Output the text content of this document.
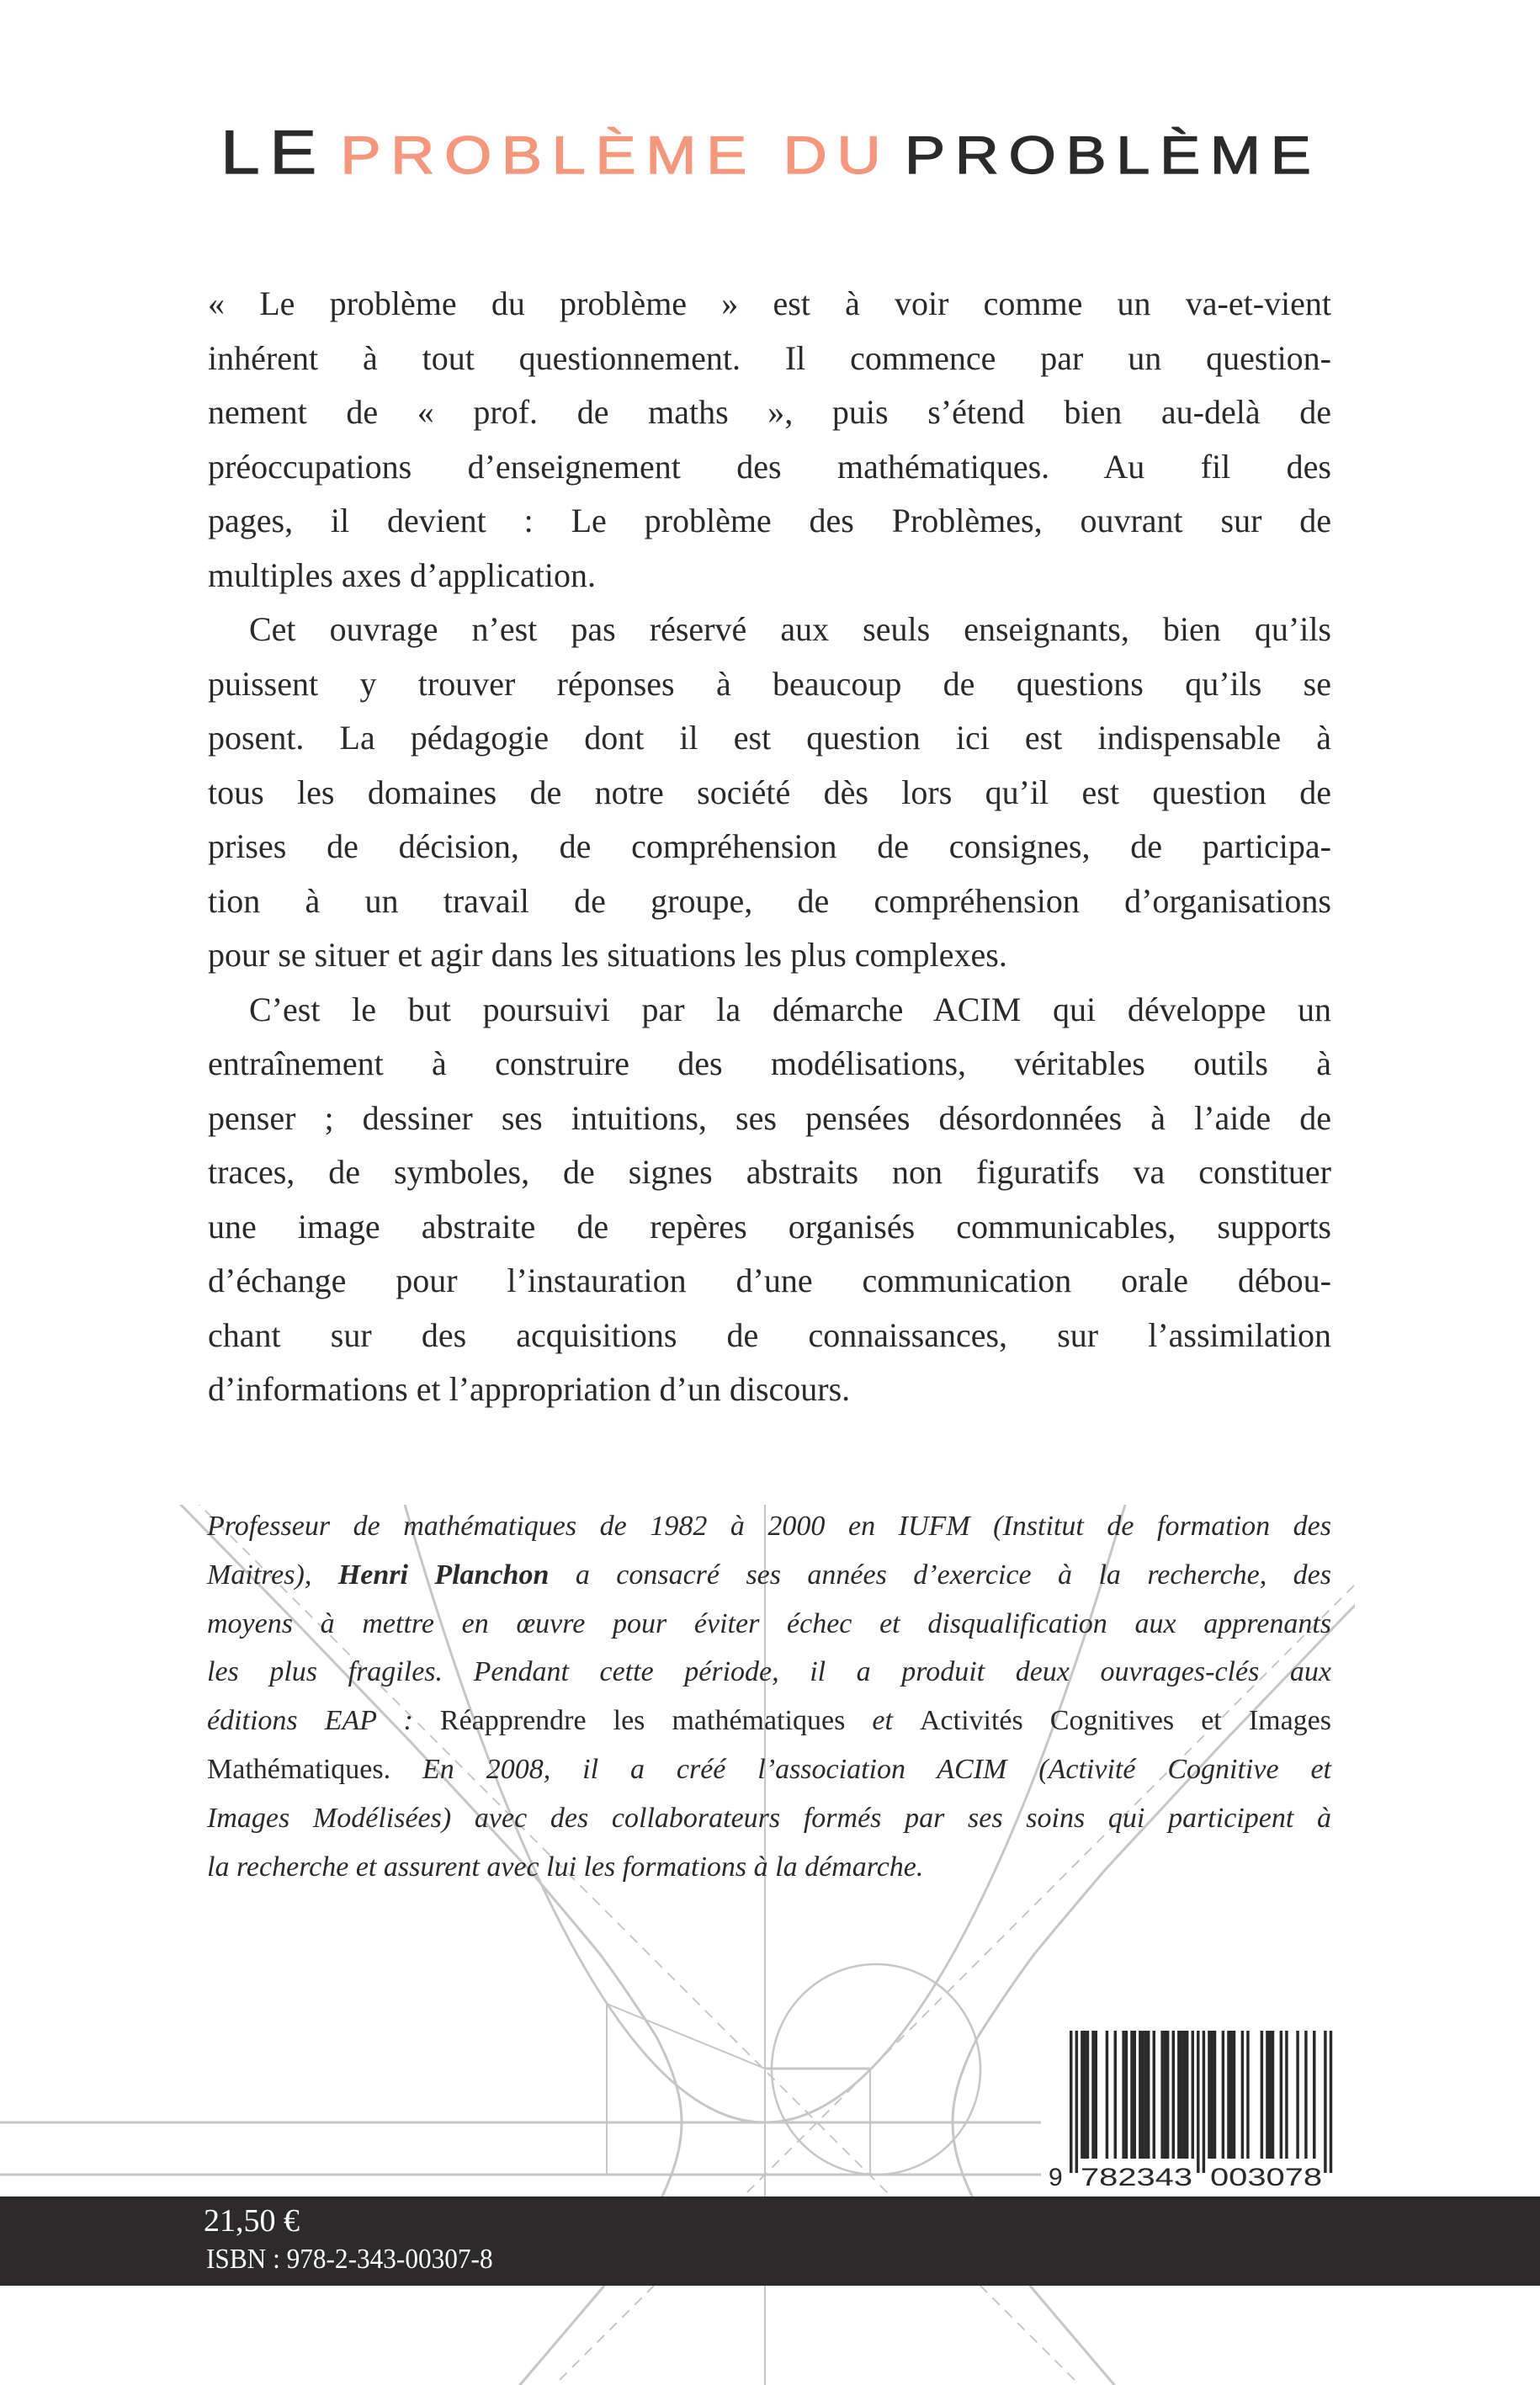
LE PROBLÈME DU PROBLÈME
« Le problème du problème » est à voir comme un va-et-vient
inhérent à tout questionnement. Il commence par un question-
nement de « prof. de maths », puis s’étend bien au-delà de
préoccupations d’enseignement des mathématiques. Au fil des
pages, il devient : Le problème des Problèmes, ouvrant sur de
multiples axes d’application.
Cet ouvrage n’est pas réservé aux seuls enseignants, bien qu’ils
puissent y trouver réponses à beaucoup de questions qu’ils se
posent. La pédagogie dont il est question ici est indispensable à
tous les domaines de notre société dès lors qu’il est question de
prises de décision, de compréhension de consignes, de participa-
tion à un travail de groupe, de compréhension d’organisations
pour se situer et agir dans les situations les plus complexes.
C’est le but poursuivi par la démarche ACIM qui développe un
entraînement à construire des modélisations, véritables outils à
penser ; dessiner ses intuitions, ses pensées désordonnées à l’aide de
traces, de symboles, de signes abstraits non figuratifs va constituer
une image abstraite de repères organisés communicables, supports
d’échange pour l’instauration d’une communication orale débou-
chant sur des acquisitions de connaissances, sur l’assimilation
d’informations et l’appropriation d’un discours.
Professeur de mathématiques de 1982 à 2000 en IUFM (Institut de formation des
Maitres), Henri Planchon a consacré ses années d’exercice à la recherche, des
moyens à mettre en œuvre pour éviter échec et disqualification aux apprenants
les plus fragiles. Pendant cette période, il a produit deux ouvrages-clés aux
éditions EAP : Réapprendre les mathématiques et Activités Cognitives et Images
Mathématiques. En 2008, il a créé l’association ACIM (Activité Cognitive et
Images Modélisées) avec des collaborateurs formés par ses soins qui participent à
la recherche et assurent avec lui les formations à la démarche.
9 782343 003078
21,50 €
ISBN : 978-2-343-00307-8
